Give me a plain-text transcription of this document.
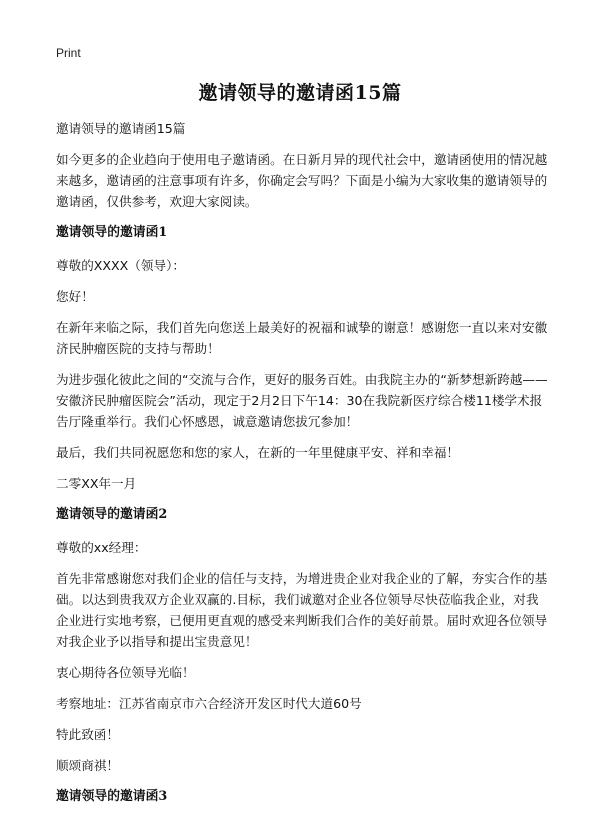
Print
邀请领导的邀请函15篇

邀请领导的邀请函15篇

如今更多的企业趋向于使用电子邀请函。在日新月异的现代社会中，邀请函使用的情况越来越多，邀请函的注意事项有许多，你确定会写吗？下面是小编为大家收集的邀请领导的邀请函，仅供参考，欢迎大家阅读。

邀请领导的邀请函1

尊敬的XXXX（领导）：

您好！

在新年来临之际，我们首先向您送上最美好的祝福和诚挚的谢意！感谢您一直以来对安徽济民肿瘤医院的支持与帮助！

为进步强化彼此之间的“交流与合作，更好的服务百姓。由我院主办的“新梦想新跨越——安徽济民肿瘤医院会”活动，现定于2月2日下午14：30在我院新医疗综合楼11楼学术报告厅隆重举行。我们心怀感恩，诚意邀请您拔冗参加！

最后，我们共同祝愿您和您的家人，在新的一年里健康平安、祥和幸福！

二零XX年一月

邀请领导的邀请函2

尊敬的xx经理：

首先非常感谢您对我们企业的信任与支持，为增进贵企业对我企业的了解，夯实合作的基础。以达到贵我双方企业双赢的.目标，我们诚邀对企业各位领导尽快莅临我企业，对我企业进行实地考察，已便用更直观的感受来判断我们合作的美好前景。届时欢迎各位领导对我企业予以指导和提出宝贵意见！

衷心期待各位领导光临！

考察地址：江苏省南京市六合经济开发区时代大道60号

特此致函！

顺颂商祺！

邀请领导的邀请函3
